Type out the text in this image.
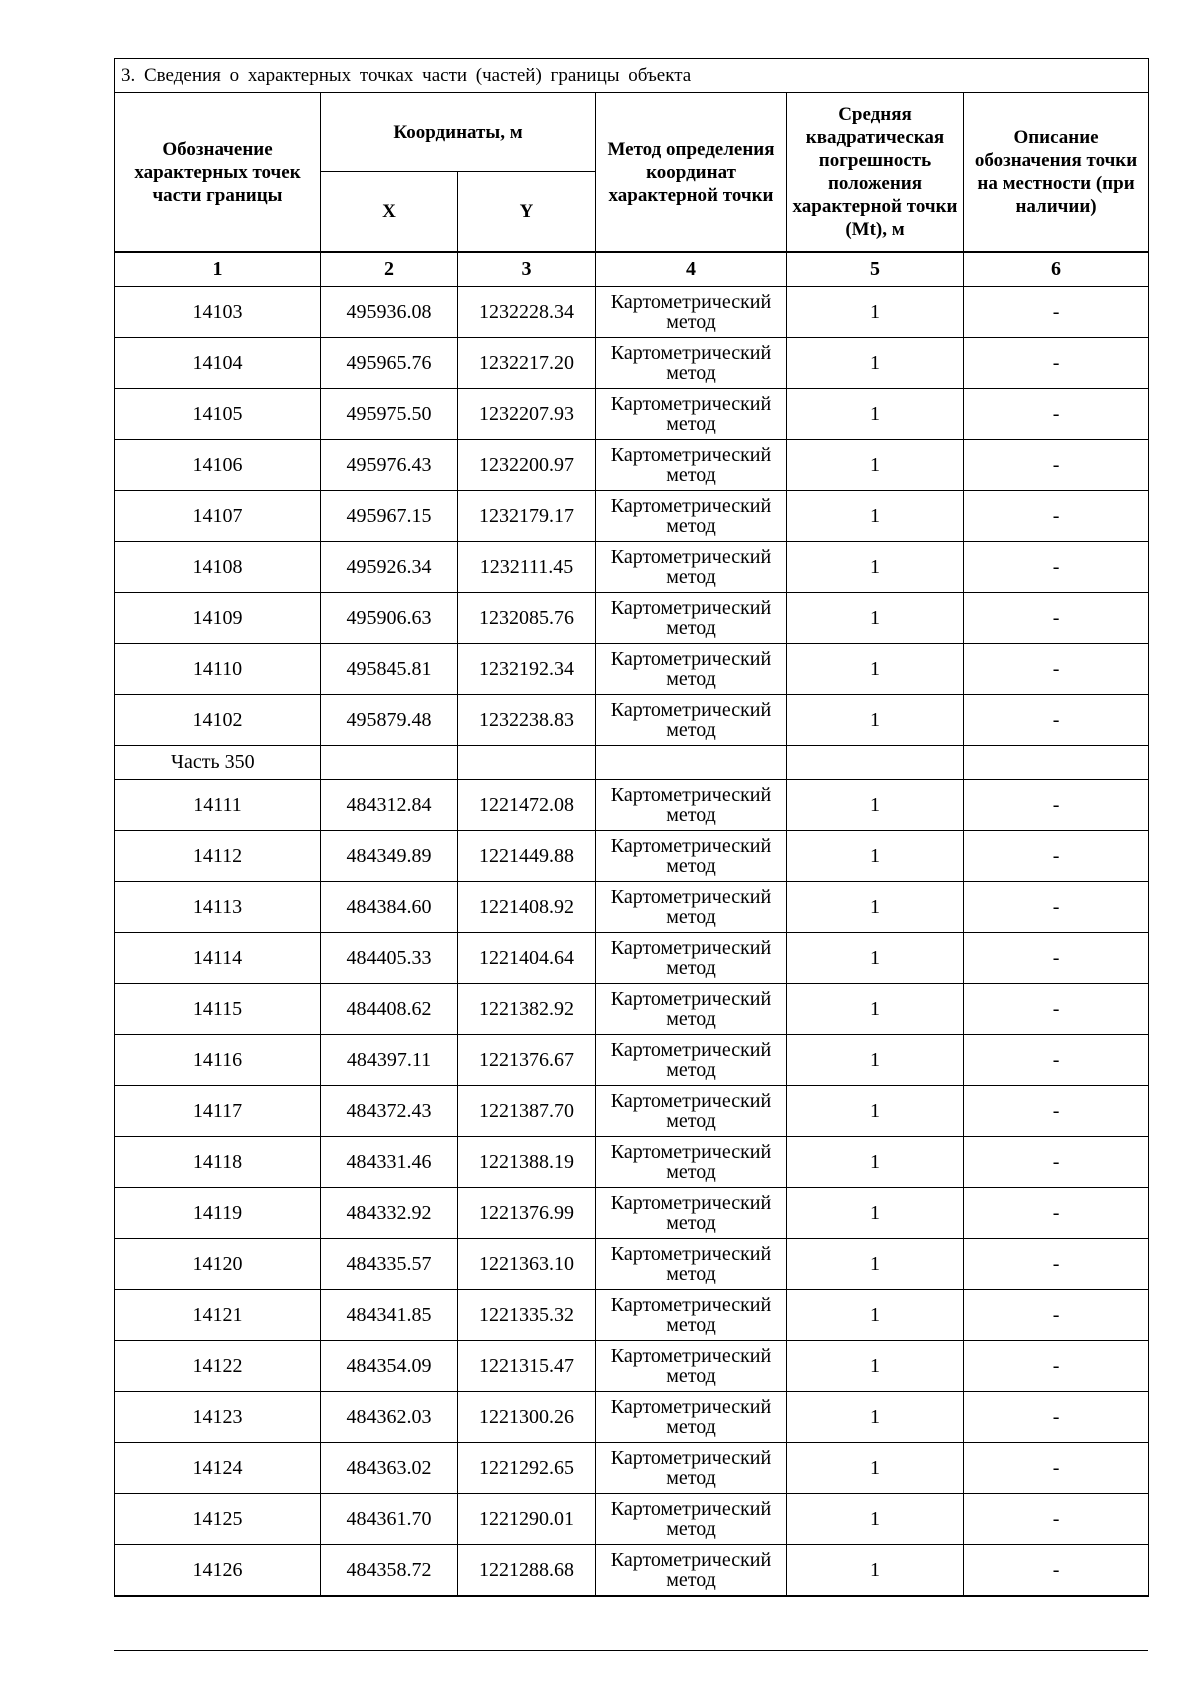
3. Сведения о характерных точках части (частей) границы объекта					
Обозначение характерных точек части границы	Координаты, м		Метод определения координат характерной точки	Средняя квадратическая погрешность положения характерной точки (Mt), м	Описание обозначения точки на местности (при наличии)
	X	Y			
1	2	3	4	5	6
14103	495936.08	1232228.34	Картометрический метод	1	-
14104	495965.76	1232217.20	Картометрический метод	1	-
14105	495975.50	1232207.93	Картометрический метод	1	-
14106	495976.43	1232200.97	Картометрический метод	1	-
14107	495967.15	1232179.17	Картометрический метод	1	-
14108	495926.34	1232111.45	Картометрический метод	1	-
14109	495906.63	1232085.76	Картометрический метод	1	-
14110	495845.81	1232192.34	Картометрический метод	1	-
14102	495879.48	1232238.83	Картометрический метод	1	-
Часть 350					
14111	484312.84	1221472.08	Картометрический метод	1	-
14112	484349.89	1221449.88	Картометрический метод	1	-
14113	484384.60	1221408.92	Картометрический метод	1	-
14114	484405.33	1221404.64	Картометрический метод	1	-
14115	484408.62	1221382.92	Картометрический метод	1	-
14116	484397.11	1221376.67	Картометрический метод	1	-
14117	484372.43	1221387.70	Картометрический метод	1	-
14118	484331.46	1221388.19	Картометрический метод	1	-
14119	484332.92	1221376.99	Картометрический метод	1	-
14120	484335.57	1221363.10	Картометрический метод	1	-
14121	484341.85	1221335.32	Картометрический метод	1	-
14122	484354.09	1221315.47	Картометрический метод	1	-
14123	484362.03	1221300.26	Картометрический метод	1	-
14124	484363.02	1221292.65	Картометрический метод	1	-
14125	484361.70	1221290.01	Картометрический метод	1	-
14126	484358.72	1221288.68	Картометрический метод	1	-
